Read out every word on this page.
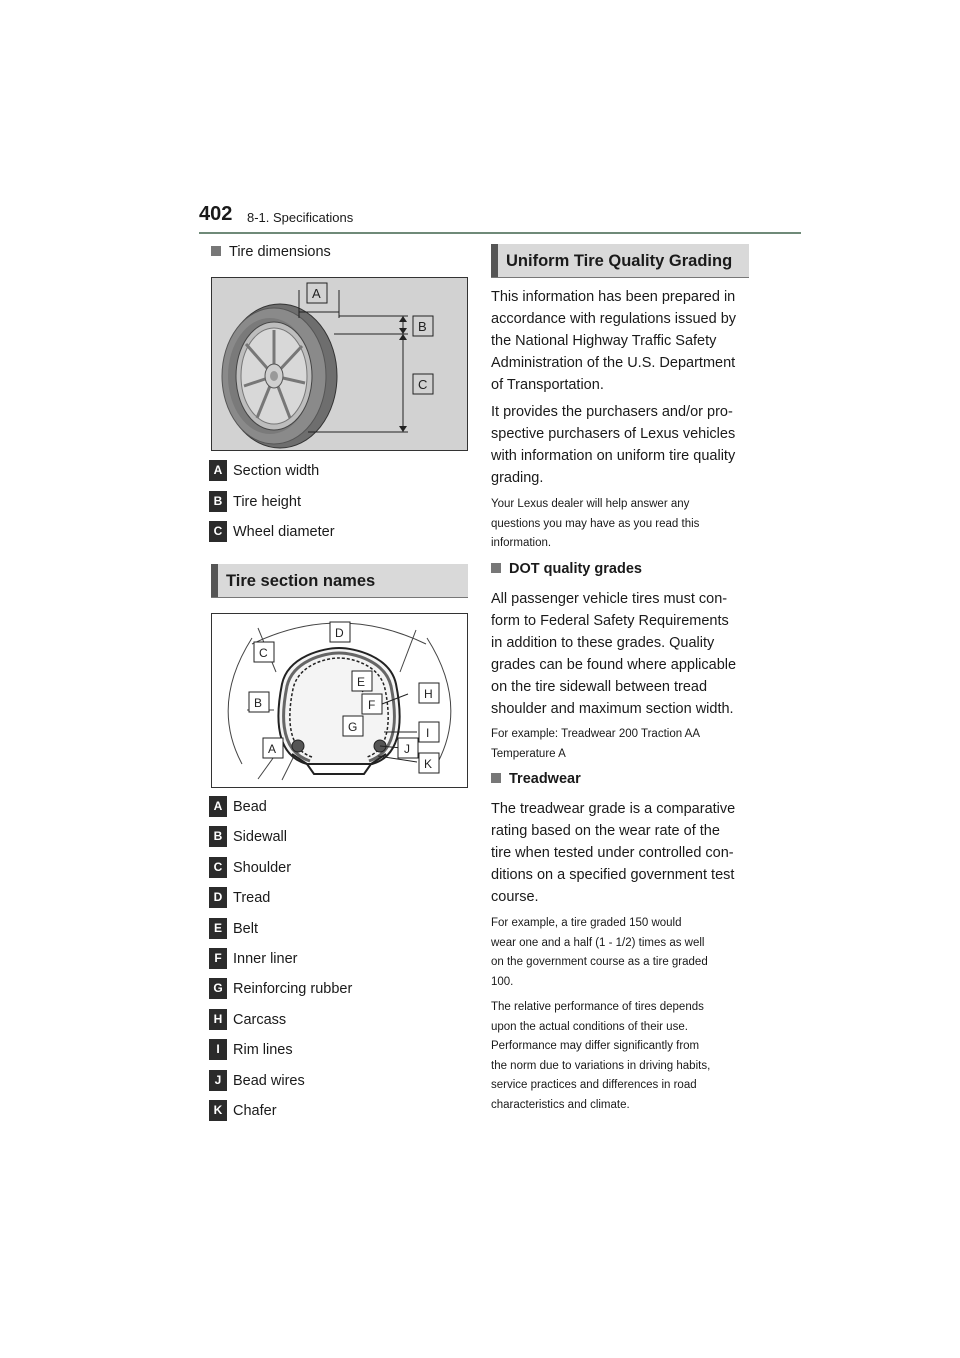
402 8-1. Specifications
Tire dimensions
A
B
C
A Section width
B Tire height
C Wheel diameter
Tire section names
D
C
E
H
B	F
G	I
A	J
K
A Bead
B Sidewall
C Shoulder
D Tread
E Belt
F Inner liner
G Reinforcing rubber
H Carcass
I Rim lines
J Bead wires
K Chafer
Uniform Tire Quality Grading
This information has been prepared in
accordance with regulations issued by
the National Highway Traffic Safety
Administration of the U.S. Department
of Transportation.
It provides the purchasers and/or pro-
spective purchasers of Lexus vehicles
with information on uniform tire quality
grading.
Your Lexus dealer will help answer any
questions you may have as you read this
information.
DOT quality grades
All passenger vehicle tires must con-
form to Federal Safety Requirements
in addition to these grades. Quality
grades can be found where applicable
on the tire sidewall between tread
shoulder and maximum section width.
For example: Treadwear 200 Traction AA
Temperature A
Treadwear
The treadwear grade is a comparative
rating based on the wear rate of the
tire when tested under controlled con-
ditions on a specified government test
course.
For example, a tire graded 150 would
wear one and a half (1 - 1/2) times as well
on the government course as a tire graded
100.
The relative performance of tires depends
upon the actual conditions of their use.
Performance may differ significantly from
the norm due to variations in driving habits,
service practices and differences in road
characteristics and climate.
